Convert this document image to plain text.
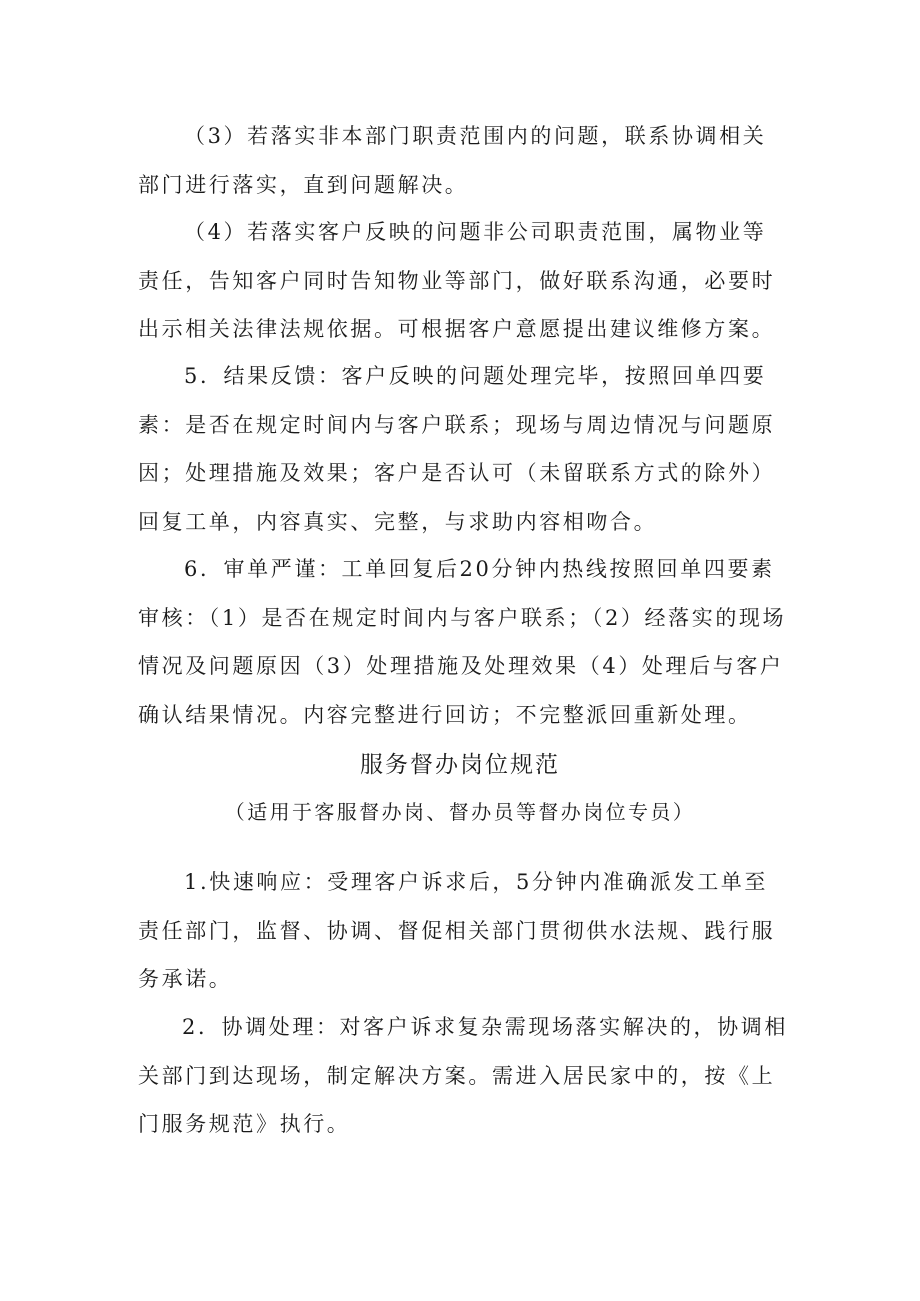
（3）若落实非本部门职责范围内的问题，联系协调相关部门进行落实，直到问题解决。

（4）若落实客户反映的问题非公司职责范围，属物业等责任，告知客户同时告知物业等部门，做好联系沟通，必要时出示相关法律法规依据。可根据客户意愿提出建议维修方案。

5．结果反馈：客户反映的问题处理完毕，按照回单四要素：是否在规定时间内与客户联系；现场与周边情况与问题原因；处理措施及效果；客户是否认可（未留联系方式的除外）回复工单，内容真实、完整，与求助内容相吻合。

6．审单严谨：工单回复后20分钟内热线按照回单四要素审核：（1）是否在规定时间内与客户联系；（2）经落实的现场情况及问题原因（3）处理措施及处理效果（4）处理后与客户确认结果情况。内容完整进行回访；不完整派回重新处理。

服务督办岗位规范

（适用于客服督办岗、督办员等督办岗位专员）

1.快速响应：受理客户诉求后，5分钟内准确派发工单至责任部门，监督、协调、督促相关部门贯彻供水法规、践行服务承诺。

2．协调处理：对客户诉求复杂需现场落实解决的，协调相关部门到达现场，制定解决方案。需进入居民家中的，按《上门服务规范》执行。
